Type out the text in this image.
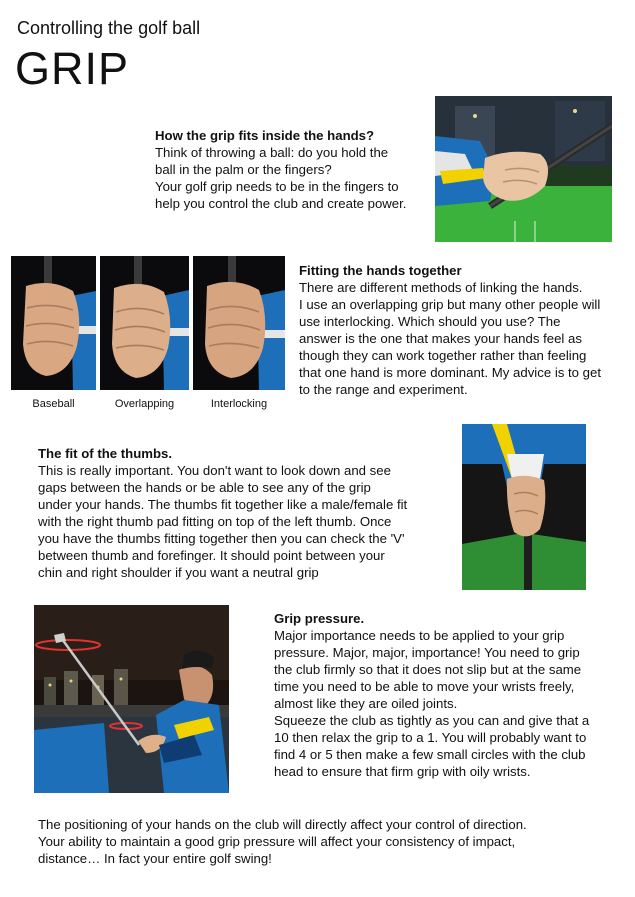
Controlling the golf ball
GRIP
How the grip fits inside the hands?
Think of throwing a ball: do you hold the
ball in the palm or the fingers?
Your golf grip needs to be in the fingers to
help you control the club and create power.
Baseball	Overlapping	Interlocking
Fitting the hands together
There are different methods of linking the hands.
I use an overlapping grip but many other people will
use interlocking. Which should you use? The
answer is the one that makes your hands feel as
though they can work together rather than feeling
that one hand is more dominant. My advice is to get
to the range and experiment.
The fit of the thumbs.
This is really important. You don't want to look down and see
gaps between the hands or be able to see any of the grip
under your hands. The thumbs fit together like a male/female fit
with the right thumb pad fitting on top of the left thumb. Once
you have the thumbs fitting together then you can check the 'V'
between thumb and forefinger. It should point between your
chin and right shoulder if you want a neutral grip
Grip pressure.
Major importance needs to be applied to your grip
pressure. Major, major, importance! You need to grip
the club firmly so that it does not slip but at the same
time you need to be able to move your wrists freely,
almost like they are oiled joints.
Squeeze the club as tightly as you can and give that a
10 then relax the grip to a 1. You will probably want to
find 4 or 5 then make a few small circles with the club
head to ensure that firm grip with oily wrists.
The positioning of your hands on the club will directly affect your control of direction.
Your ability to maintain a good grip pressure will affect your consistency of impact,
distance… In fact your entire golf swing!
